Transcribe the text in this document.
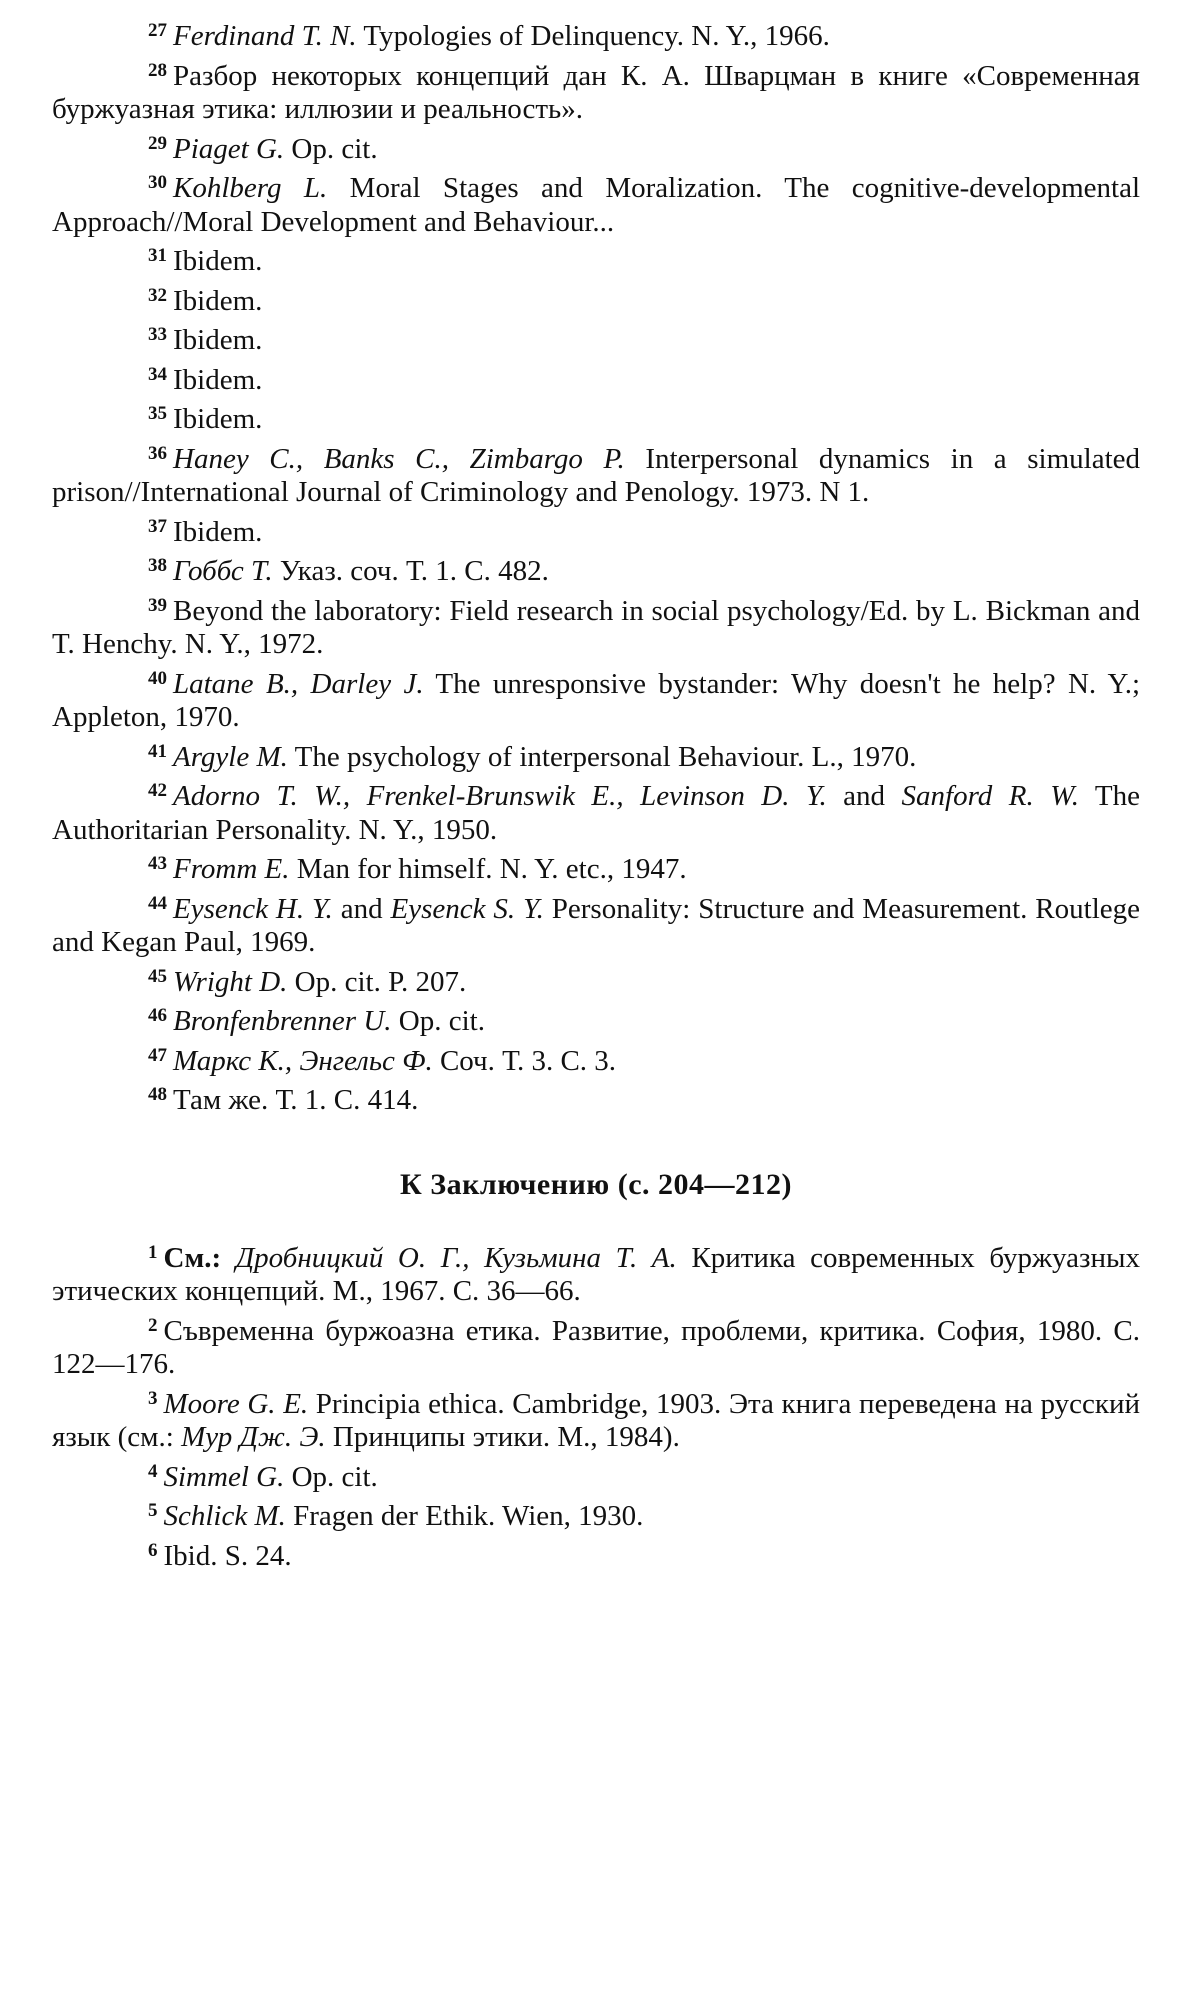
$^{27}$ Ferdinand T. N. Typologies of Delinquency. N. Y., 1966.

$^{28}$ Разбор некоторых концепций дан К. А. Шварцман в книге «Современная буржуазная этика: иллюзии и реальность».

$^{29}$ Piaget G. Op. cit.

$^{30}$ Kohlberg L. Moral Stages and Moralization. The cognitive-developmental Approach//Moral Development and Behaviour...

$^{31}$ Ibidem.

$^{32}$ Ibidem.

$^{33}$ Ibidem.

$^{34}$ Ibidem.

$^{35}$ Ibidem.

$^{36}$ Haney C., Banks C., Zimbargo P. Interpersonal dynamics in a simulated prison//International Journal of Criminology and Penology. 1973. N 1.

$^{37}$ Ibidem.

$^{38}$ Гоббс Т. Указ. соч. Т. 1. С. 482.

$^{39}$ Beyond the laboratory: Field research in social psychology/Ed. by L. Bickman and T. Henchy. N. Y., 1972.

$^{40}$ Latane B., Darley J. The unresponsive bystander: Why doesn't he help? N. Y.; Appleton, 1970.

$^{41}$ Argyle M. The psychology of interpersonal Behaviour. L., 1970.

$^{42}$ Adorno T. W., Frenkel-Brunswik E., Levinson D. Y. and Sanford R. W. The Authoritarian Personality. N. Y., 1950.

$^{43}$ Fromm E. Man for himself. N. Y. etc., 1947.

$^{44}$ Eysenck H. Y. and Eysenck S. Y. Personality: Structure and Measurement. Routlege and Kegan Paul, 1969.

$^{45}$ Wright D. Op. cit. P. 207.

$^{46}$ Bronfenbrenner U. Op. cit.

$^{47}$ Маркс К., Энгельс Ф. Соч. Т. 3. С. 3.

$^{48}$ Там же. Т. 1. С. 414.

К Заключению (с. 204—212)

$^1$ См.: Дробницкий О. Г., Кузьмина Т. А. Критика современных буржуазных этических концепций. М., 1967. С. 36—66.

$^2$ Съвременна буржоазна етика. Развитие, проблеми, критика. София, 1980. С. 122—176.

$^3$ Moore G. E. Principia ethica. Cambridge, 1903. Эта книга переведена на русский язык (см.: Мур Дж. Э. Принципы этики. М., 1984).

$^4$ Simmel G. Op. cit.

$^5$ Schlick M. Fragen der Ethik. Wien, 1930.

$^6$ Ibid. S. 24.
